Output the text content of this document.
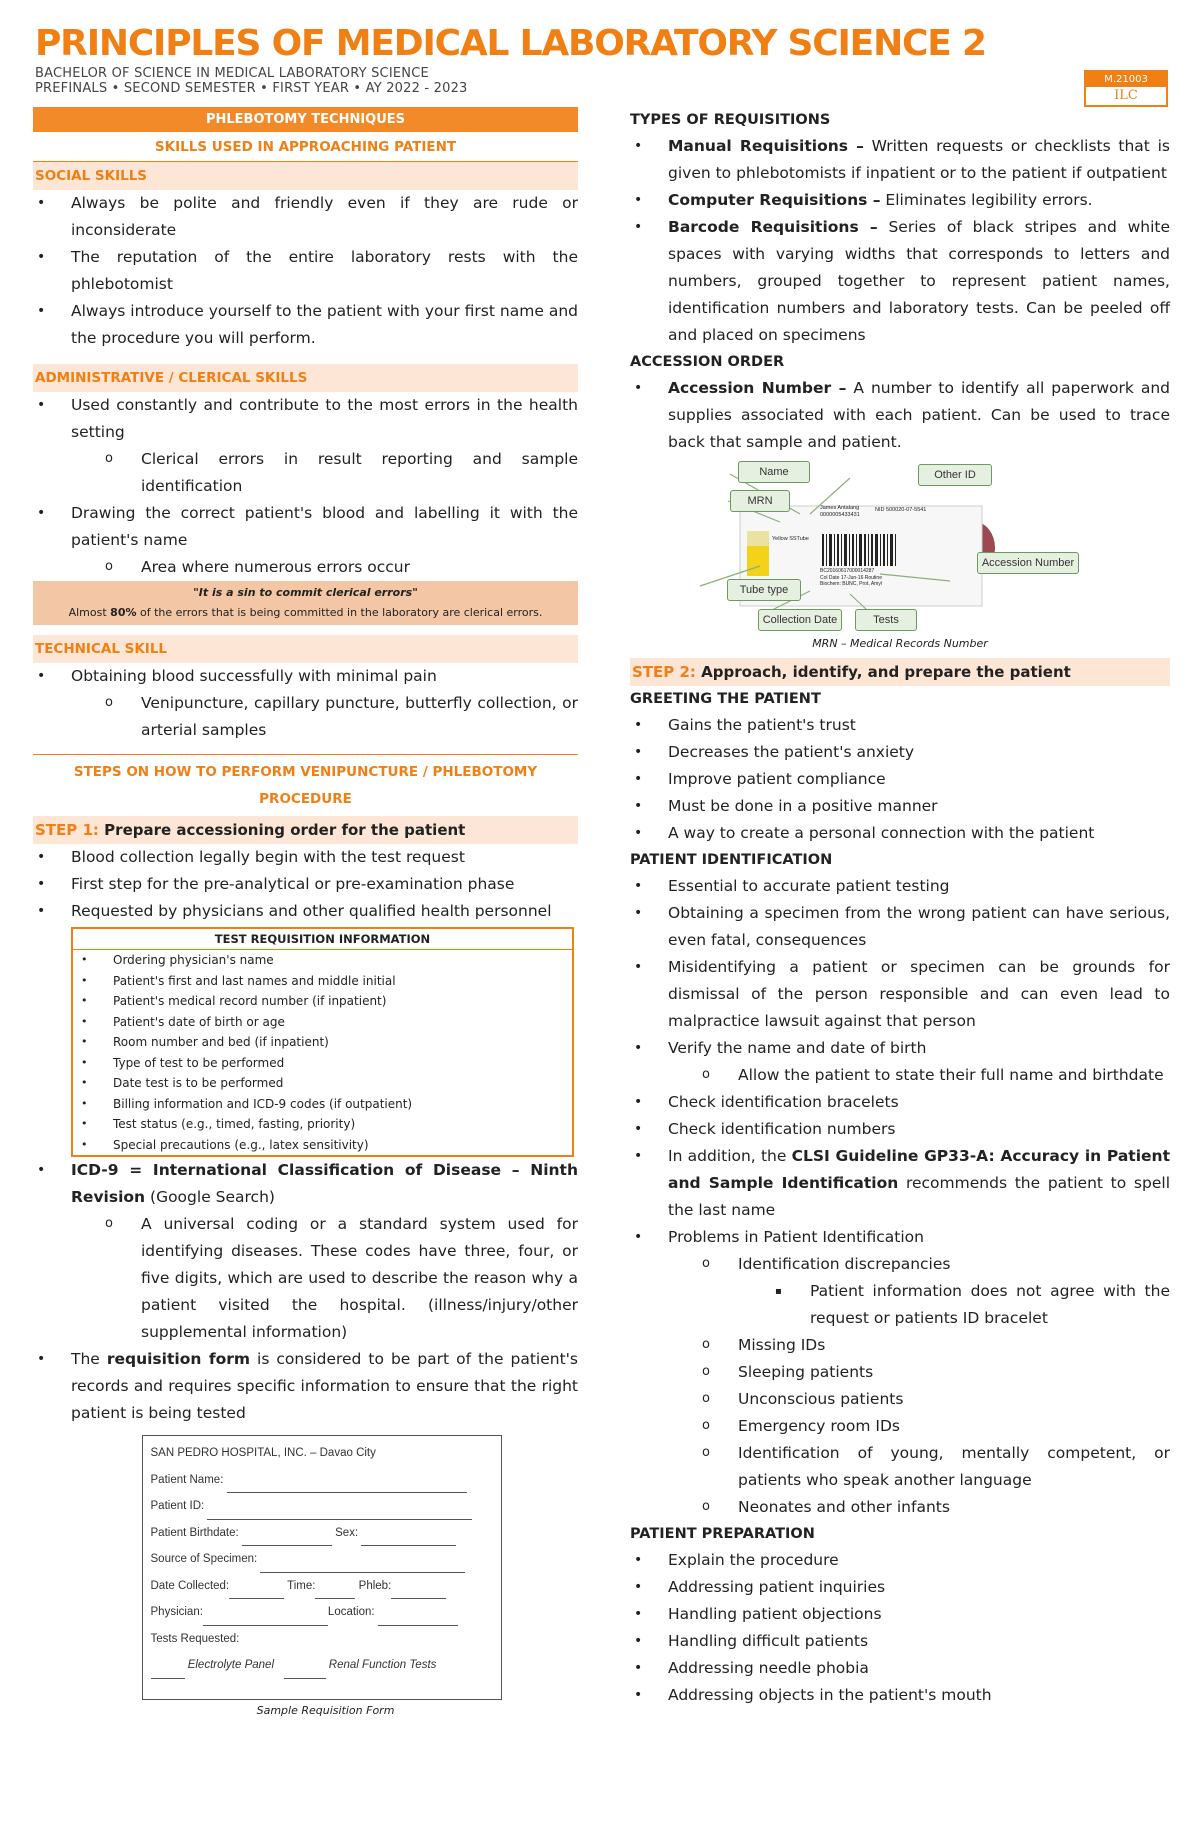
PRINCIPLES OF MEDICAL LABORATORY SCIENCE 2
BACHELOR OF SCIENCE IN MEDICAL LABORATORY SCIENCE
PREFINALS • SECOND SEMESTER • FIRST YEAR • AY 2022 - 2023
M.21003
ILC
PHLEBOTOMY TECHNIQUES
SKILLS USED IN APPROACHING PATIENT
SOCIAL SKILLS
• Always be polite and friendly even if they are rude or inconsiderate
• The reputation of the entire laboratory rests with the phlebotomist
• Always introduce yourself to the patient with your first name and the procedure you will perform.
ADMINISTRATIVE / CLERICAL SKILLS
• Used constantly and contribute to the most errors in the health setting
o Clerical errors in result reporting and sample identification
• Drawing the correct patient's blood and labelling it with the patient's name
o Area where numerous errors occur
"It is a sin to commit clerical errors"
Almost 80% of the errors that is being committed in the laboratory are clerical errors.
TECHNICAL SKILL
• Obtaining blood successfully with minimal pain
o Venipuncture, capillary puncture, butterfly collection, or arterial samples
STEPS ON HOW TO PERFORM VENIPUNCTURE / PHLEBOTOMY PROCEDURE
STEP 1: Prepare accessioning order for the patient
• Blood collection legally begin with the test request
• First step for the pre-analytical or pre-examination phase
• Requested by physicians and other qualified health personnel
TEST REQUISITION INFORMATION
• Ordering physician's name
• Patient's first and last names and middle initial
• Patient's medical record number (if inpatient)
• Patient's date of birth or age
• Room number and bed (if inpatient)
• Type of test to be performed
• Date test is to be performed
• Billing information and ICD-9 codes (if outpatient)
• Test status (e.g., timed, fasting, priority)
• Special precautions (e.g., latex sensitivity)
• ICD-9 = International Classification of Disease – Ninth Revision (Google Search)
o A universal coding or a standard system used for identifying diseases. These codes have three, four, or five digits, which are used to describe the reason why a patient visited the hospital. (illness/injury/other supplemental information)
• The requisition form is considered to be part of the patient's records and requires specific information to ensure that the right patient is being tested
SAN PEDRO HOSPITAL, INC. – Davao City
Patient Name:
Patient ID:
Patient Birthdate:	Sex:
Source of Specimen:
Date Collected:	Time:	Phleb:
Physician:	Location:
Tests Requested:
Electrolyte Panel	Renal Function Tests
Sample Requisition Form
TYPES OF REQUISITIONS
• Manual Requisitions – Written requests or checklists that is given to phlebotomists if inpatient or to the patient if outpatient
• Computer Requisitions – Eliminates legibility errors.
• Barcode Requisitions – Series of black stripes and white spaces with varying widths that corresponds to letters and numbers, grouped together to represent patient names, identification numbers and laboratory tests. Can be peeled off and placed on specimens
ACCESSION ORDER
• Accession Number – A number to identify all paperwork and supplies associated with each patient. Can be used to trace back that sample and patient.
Name	Other ID
MRN
Tube type
Collection Date	Tests
Accession Number
James Antalang
0000005433431
NID 500020-07-5541
Yellow SSTube
BC20160617000014287
Col Date 17-Jun-16 Routine
Biochem: BUNC, Prot, Amyl
MRN – Medical Records Number
STEP 2: Approach, identify, and prepare the patient
GREETING THE PATIENT
• Gains the patient's trust
• Decreases the patient's anxiety
• Improve patient compliance
• Must be done in a positive manner
• A way to create a personal connection with the patient
PATIENT IDENTIFICATION
• Essential to accurate patient testing
• Obtaining a specimen from the wrong patient can have serious, even fatal, consequences
• Misidentifying a patient or specimen can be grounds for dismissal of the person responsible and can even lead to malpractice lawsuit against that person
• Verify the name and date of birth
o Allow the patient to state their full name and birthdate
• Check identification bracelets
• Check identification numbers
• In addition, the CLSI Guideline GP33-A: Accuracy in Patient and Sample Identification recommends the patient to spell the last name
• Problems in Patient Identification
o Identification discrepancies
▪ Patient information does not agree with the request or patients ID bracelet
o Missing IDs
o Sleeping patients
o Unconscious patients
o Emergency room IDs
o Identification of young, mentally competent, or patients who speak another language
o Neonates and other infants
PATIENT PREPARATION
• Explain the procedure
• Addressing patient inquiries
• Handling patient objections
• Handling difficult patients
• Addressing needle phobia
• Addressing objects in the patient's mouth
